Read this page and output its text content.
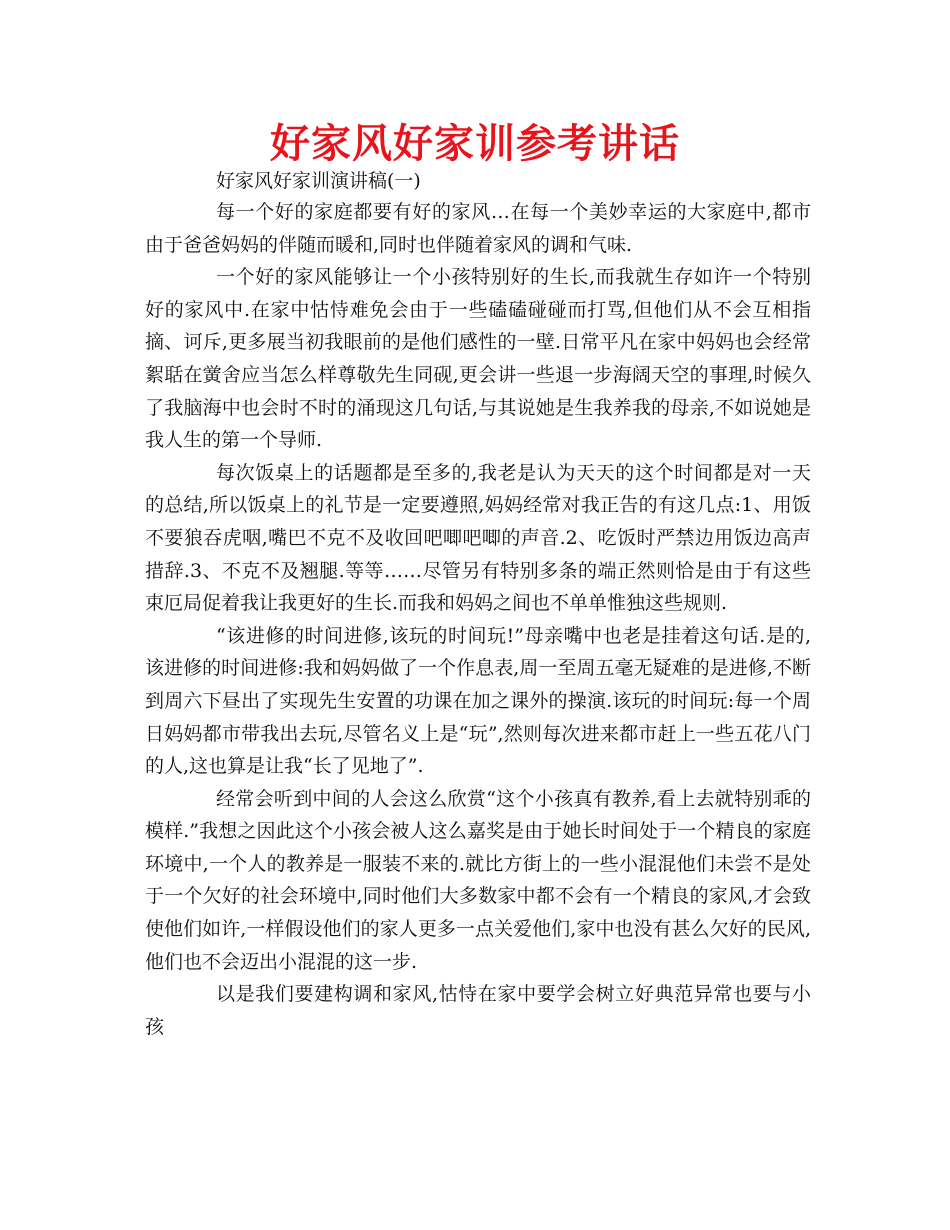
好家风好家训参考讲话
好家风好家训演讲稿(一)

每一个好的家庭都要有好的家风…在每一个美妙幸运的大家庭中,都市由于爸爸妈妈的伴随而暖和,同时也伴随着家风的调和气味.

一个好的家风能够让一个小孩特别好的生长,而我就生存如许一个特别好的家风中.在家中怙恃难免会由于一些磕磕碰碰而打骂,但他们从不会互相指摘、诃斥,更多展当初我眼前的是他们感性的一壁.日常平凡在家中妈妈也会经常絮聒在黉舍应当怎么样尊敬先生同砚,更会讲一些退一步海阔天空的事理,时候久了我脑海中也会时不时的涌现这几句话,与其说她是生我养我的母亲,不如说她是我人生的第一个导师.

每次饭桌上的话题都是至多的,我老是认为天天的这个时间都是对一天的总结,所以饭桌上的礼节是一定要遵照,妈妈经常对我正告的有这几点:1、用饭不要狼吞虎咽,嘴巴不克不及收回吧唧吧唧的声音.2、吃饭时严禁边用饭边高声措辞.3、不克不及翘腿.等等……尽管另有特别多条的端正然则恰是由于有这些束厄局促着我让我更好的生长.而我和妈妈之间也不单单惟独这些规则.

“该进修的时间进修,该玩的时间玩!”母亲嘴中也老是挂着这句话.是的,该进修的时间进修:我和妈妈做了一个作息表,周一至周五毫无疑难的是进修,不断到周六下昼出了实现先生安置的功课在加之课外的操演.该玩的时间玩:每一个周日妈妈都市带我出去玩,尽管名义上是“玩”,然则每次进来都市赶上一些五花八门的人,这也算是让我“长了见地了”.

经常会听到中间的人会这么欣赏“这个小孩真有教养,看上去就特别乖的模样.”我想之因此这个小孩会被人这么嘉奖是由于她长时间处于一个精良的家庭环境中,一个人的教养是一服装不来的.就比方街上的一些小混混他们未尝不是处于一个欠好的社会环境中,同时他们大多数家中都不会有一个精良的家风,才会致使他们如许,一样假设他们的家人更多一点关爱他们,家中也没有甚么欠好的民风,他们也不会迈出小混混的这一步.

以是我们要建构调和家风,怙恃在家中要学会树立好典范异常也要与小孩
